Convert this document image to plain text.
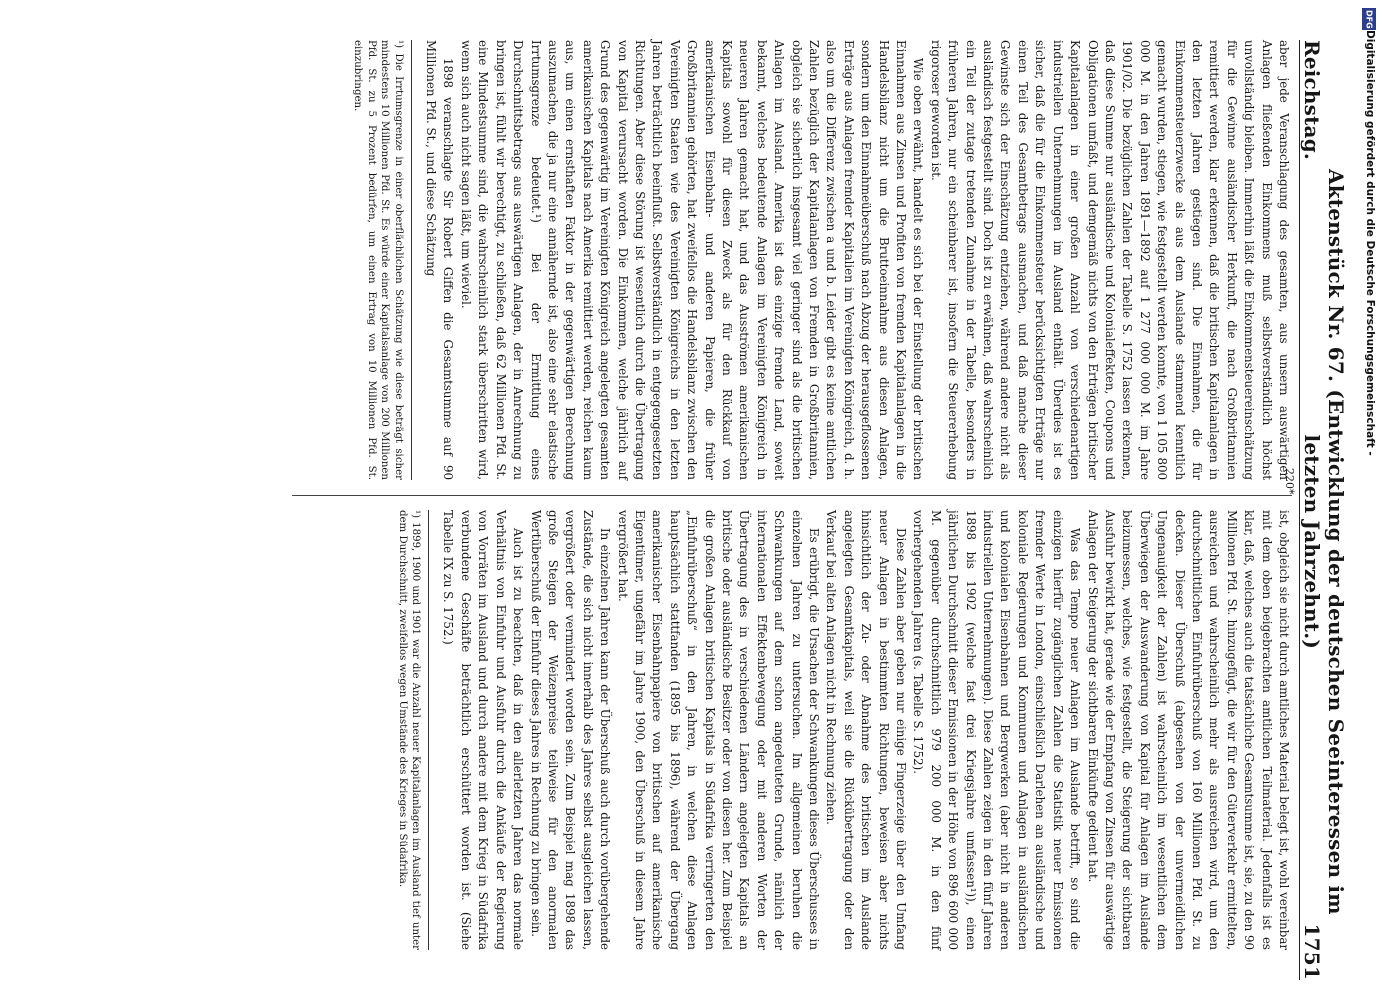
Reichstag.
Aktenstück Nr. 67. (Entwicklung der deutschen Seeinteressen im letzten Jahrzehnt.)
1751

aber jede Veranschlagung des gesamten, aus unsern auswärtigen Anlagen fließenden Einkommens muß selbstverständlich höchst unvollständig bleiben. Immerhin läßt die Einkommensteuereinschätzung für die Gewinne ausländischer Herkunft, die nach Großbritannien remittiert werden, klar erkennen, daß die britischen Kapitalanlagen in den letzten Jahren gestiegen sind. Die Einnahmen, die für Einkommensteuerzwecke als aus dem Auslande stammend kenntlich gemacht wurden, stiegen, wie festgestellt werden konnte, von 1 105 800 000 M. in den Jahren 1891—1892 auf 1 277 000 000 M. im Jahre 1901/02. Die bezüglichen Zahlen der Tabelle S. 1752 lassen erkennen, daß diese Summe nur ausländische und Kolonialeffekten, Coupons und Obligationen umfaßt, und demgemäß nichts von den Erträgen britischer Kapitalanlagen in einer großen Anzahl von verschiedenartigen industriellen Unternehmungen im Ausland enthält. Überdies ist es sicher, daß die für die Einkommensteuer berücksichtigten Erträge nur einen Teil des Gesamtbetrags ausmachen, und daß manche dieser Gewinste sich der Einschätzung entziehen, während andere nicht als ausländisch festgestellt sind. Doch ist zu erwähnen, daß wahrscheinlich ein Teil der zutage tretenden Zunahme in der Tabelle, besonders in früheren Jahren, nur ein scheinbarer ist, insofern die Steuererhebung rigoroser geworden ist.

Wie oben erwähnt, handelt es sich bei der Einstellung der britischen Einnahmen aus Zinsen und Profiten von fremden Kapitalanlagen in die Handelsbilanz nicht um die Bruttoeinnahme aus diesen Anlagen, sondern um den Einnahmeüberschuß nach Abzug der herausgeflossenen Erträge aus Anlagen fremder Kapitalien im Vereinigten Königreich, d. h. also um die Differenz zwischen a und b. Leider gibt es keine amtlichen Zahlen bezüglich der Kapitalanlagen von Fremden in Großbritannien, obgleich sie sicherlich insgesamt viel geringer sind als die britischen Anlagen im Ausland. Amerika ist das einzige fremde Land, soweit bekannt, welches bedeutende Anlagen im Vereinigten Königreich in neueren Jahren gemacht hat, und das Ausströmen amerikanischen Kapitals sowohl für diesen Zweck als für den Rückkauf von amerikanischen Eisenbahn- und anderen Papieren, die früher Großbritannien gehörten, hat zweifellos die Handelsbilanz zwischen den Vereinigten Staaten wie des Vereinigten Königreichs in den letzten Jahren beträchtlich beeinflußt. Selbstverständlich in entgegengesetzten Richtungen. Aber diese Störung ist wesentlich durch die Übertragung von Kapital verursacht worden. Die Einkommen, welche jährlich auf Grund des gegenwärtig im Vereinigten Königreich angelegten gesamten amerikanischen Kapitals nach Amerika remittiert werden, reichen kaum aus, um einen ernsthaften Faktor in der gegenwärtigen Berechnung auszumachen, die ja nur eine annähernde ist, also eine sehr elastische Irrtumsgrenze bedeutet.¹) Bei der Ermittlung eines Durchschnittsbetrags aus auswärtigen Anlagen, der in Anrechnung zu bringen ist, fühlt wir berechtigt, zu schließen, daß 62 Millionen Pfd. St. eine Mindestsumme sind, die wahrscheinlich stark überschritten wird, wenn sich auch nicht sagen läßt, um wieviel.

1898 veranschlagte Sir Robert Giffen die Gesamtsumme auf 90 Millionen Pfd. St., und diese Schätzung

¹) Die Irrtumsgrenze in einer oberflächlichen Schätzung wie diese beträgt sicher mindestens 10 Millionen Pfd. St. Es würde einer Kapitalsanlage von 200 Millionen Pfd. St. zu 5 Prozent bedürfen, um einen Ertrag von 10 Millionen Pfd. St. einzubringen.

ist, obgleich sie nicht durch amtliches Material belegt ist, wohl vereinbar mit dem oben beigebrachten amtlichen Teilmaterial. Jedenfalls ist es klar, daß, welches auch die tatsächliche Gesamtsumme ist, sie, zu den 90 Millionen Pfd. St. hinzugefügt, die wir für den Güterverkehr ermittelten, ausreichen und wahrscheinlich mehr als ausreichen wird, um den durchschnittlichen Einfuhrüberschuß von 160 Millionen Pfd. St. zu decken. Dieser Überschuß (abgesehen von der unvermeidlichen Ungenauigkeit der Zahlen) ist wahrscheinlich im wesentlichen dem Überwiegen der Auswanderung von Kapital für Anlagen im Auslande beizumessen, welches, wie festgestellt, die Steigerung der sichtbaren Ausfuhr bewirkt hat, gerade wie der Empfang von Zinsen für auswärtige Anlagen der Steigerung der sichtbaren Einkünfte gedient hat.

Was das Tempo neuer Anlagen im Auslande betrifft, so sind die einzigen hierfür zugänglichen Zahlen die Statistik neuer Emissionen fremder Werte in London, einschließlich Darlehen an ausländische und koloniale Regierungen und Kommunen und Anlagen in ausländischen und kolonialen Eisenbahnen und Bergwerken (aber nicht in anderen industriellen Unternehmungen). Diese Zahlen zeigen in den fünf Jahren 1898 bis 1902 (welche fast drei Kriegsjahre umfassen¹)), einen jährlichen Durchschnitt dieser Emissionen in der Höhe von 896 600 000 M. gegenüber durchschnittlich 979 200 000 M. in den fünf vorhergehenden Jahren (s. Tabelle S. 1752).

Diese Zahlen aber geben nur einige Fingerzeige über den Umfang neuer Anlagen in bestimmten Richtungen, beweisen aber nichts hinsichtlich der Zu- oder Abnahme des britischen im Auslande angelegten Gesamtkapitals, weil sie die Rückübertragung oder den Verkauf bei alten Anlagen nicht in Rechnung ziehen.

Es erübrigt, die Ursachen der Schwankungen dieses Überschusses in einzelnen Jahren zu untersuchen. Im allgemeinen beruhen die Schwankungen auf dem schon angedeuteten Grunde, nämlich der internationalen Effektenbewegung oder mit anderen Worten der Übertragung des in verschiedenen Ländern angelegten Kapitals an britische oder ausländische Besitzer oder von diesen her. Zum Beispiel die großen Anlagen britischen Kapitals in Südafrika verringerten den „Einfuhrüberschuß“ in den Jahren, in welchen diese Anlagen hauptsächlich stattfanden (1895 bis 1896), während der Übergang amerikanischer Eisenbahnpapiere von britischen auf amerikanische Eigentümer, ungefähr im Jahre 1900, den Überschuß in diesem Jahre vergrößert hat.

In einzelnen Jahren kann der Überschuß auch durch vorübergehende Zustände, die sich nicht innerhalb des Jahres selbst ausgleichen lassen, vergrößert oder vermindert worden sein. Zum Beispiel mag 1898 das große Steigen der Weizenpreise teilweise für den anormalen Wertüberschuß der Einfuhr dieses Jahres in Rechnung zu bringen sein.

Auch ist zu beachten, daß in den allerletzten Jahren das normale Verhältnis von Einfuhr und Ausfuhr durch die Ankäufe der Regierung von Vorräten im Ausland und durch andere mit dem Krieg in Südafrika verbundene Geschäfte beträchtlich erschüttert worden ist. (Siehe Tabelle IX zu S. 1752.)

¹) 1899, 1900 und 1901 war die Anzahl neuer Kapitalanlagen im Ausland tief unter dem Durchschnitt, zweifellos wegen Umstände des Krieges in Südafrika.
220*
DFG
Digitalisierung gefördert durch die Deutsche Forschungsgemeinschaft -
